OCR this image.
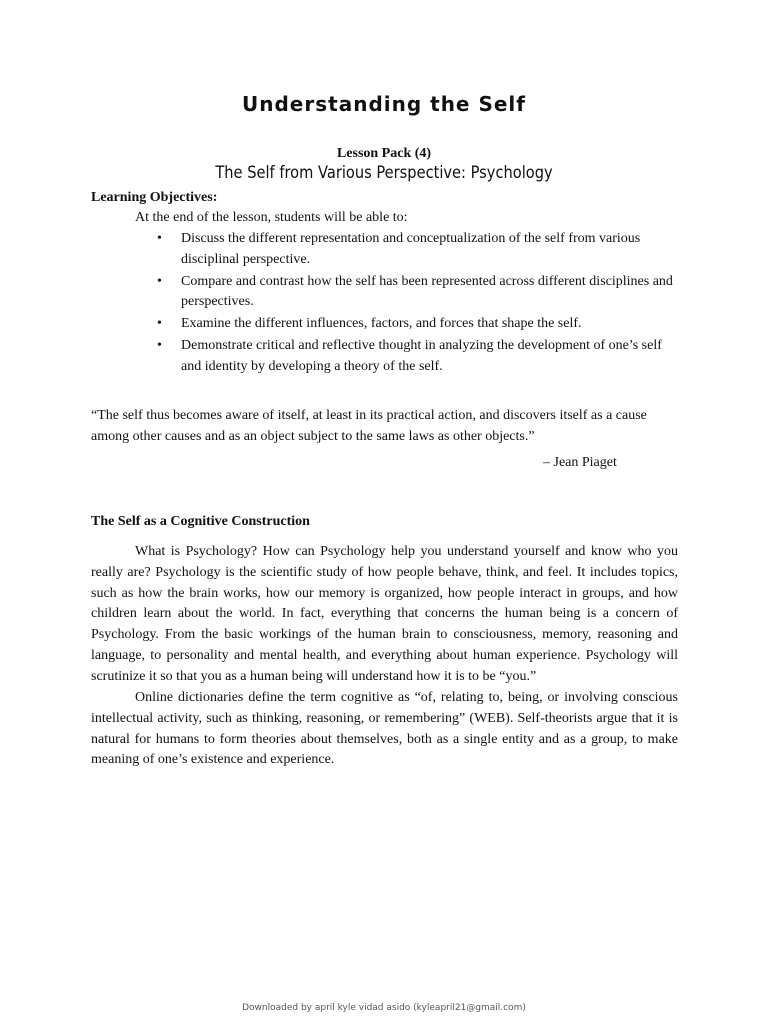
Understanding the Self
Lesson Pack (4)
The Self from Various Perspective: Psychology
Learning Objectives:
At the end of the lesson, students will be able to:
• Discuss the different representation and conceptualization of the self from various disciplinal perspective.
• Compare and contrast how the self has been represented across different disciplines and perspectives.
• Examine the different influences, factors, and forces that shape the self.
• Demonstrate critical and reflective thought in analyzing the development of one’s self and identity by developing a theory of the self.
“The self thus becomes aware of itself, at least in its practical action, and discovers itself as a cause among other causes and as an object subject to the same laws as other objects.”
– Jean Piaget
The Self as a Cognitive Construction

What is Psychology? How can Psychology help you understand yourself and know who you really are? Psychology is the scientific study of how people behave, think, and feel. It includes topics, such as how the brain works, how our memory is organized, how people interact in groups, and how children learn about the world. In fact, everything that concerns the human being is a concern of Psychology. From the basic workings of the human brain to consciousness, memory, reasoning and language, to personality and mental health, and everything about human experience. Psychology will scrutinize it so that you as a human being will understand how it is to be “you.”

Online dictionaries define the term cognitive as “of, relating to, being, or involving conscious intellectual activity, such as thinking, reasoning, or remembering” (WEB). Self-theorists argue that it is natural for humans to form theories about themselves, both as a single entity and as a group, to make meaning of one’s existence and experience.

Downloaded by april kyle vidad asido (kyleapril21@gmail.com)
